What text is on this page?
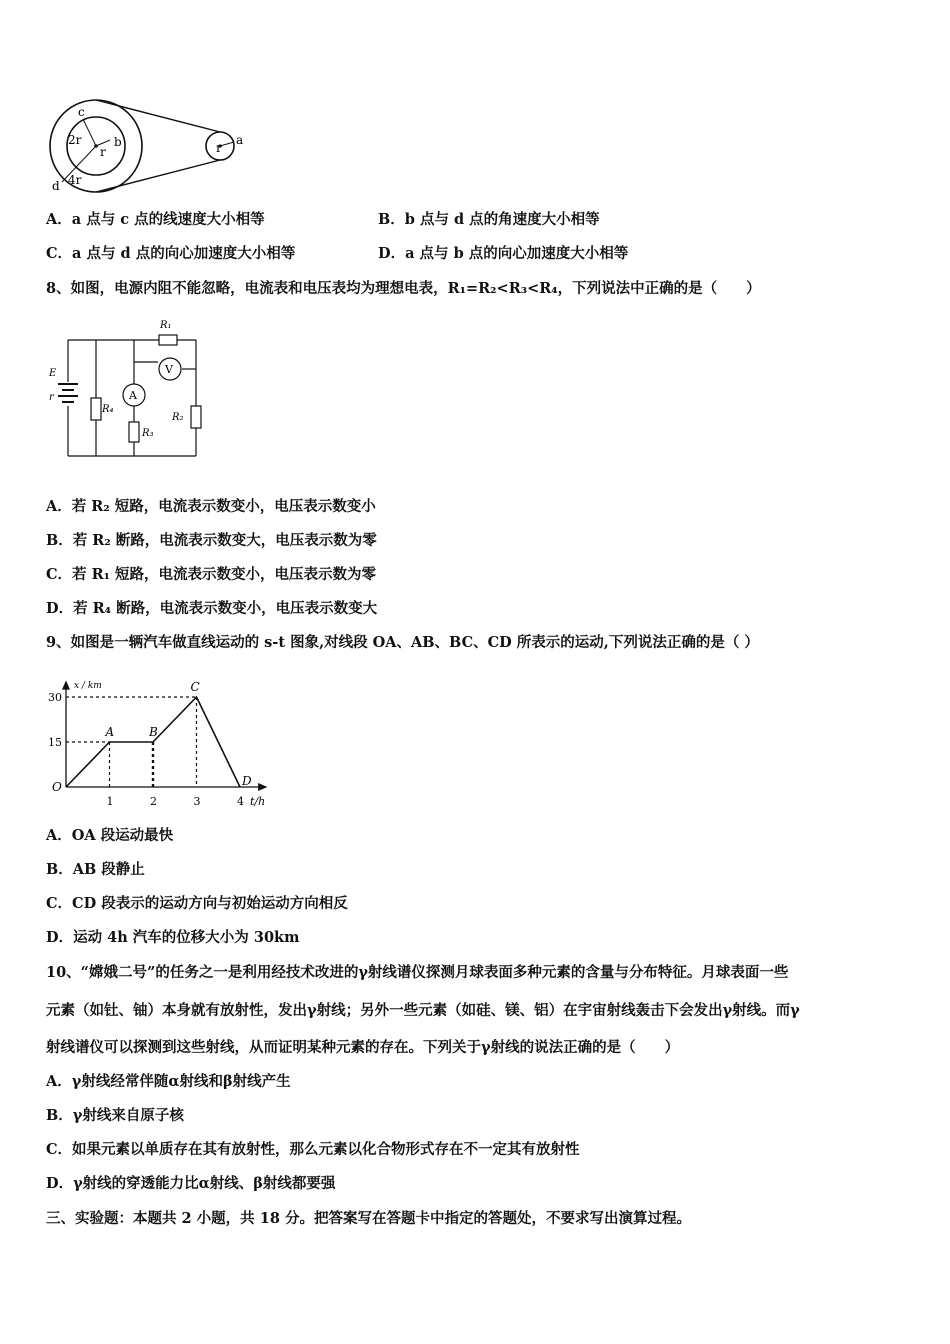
c
2r	b
r
4r
d
r
a
A．a 点与 c 点的线速度大小相等	B．b 点与 d 点的角速度大小相等
C．a 点与 d 点的向心加速度大小相等	D．a 点与 b 点的向心加速度大小相等
8、如图，电源内阻不能忽略，电流表和电压表均为理想电表，R₁=R₂<R₃<R₄，下列说法中正确的是（　　）
E
r
R₁
R₂
R₃
R₄
A
V
A．若 R₂ 短路，电流表示数变小，电压表示数变小
B．若 R₂ 断路，电流表示数变大，电压表示数为零
C．若 R₁ 短路，电流表示数变小，电压表示数为零
D．若 R₄ 断路，电流表示数变小，电压表示数变大
9、如图是一辆汽车做直线运动的 s-t 图象,对线段 OA、AB、BC、CD 所表示的运动,下列说法正确的是（ ）
x / km
t/h
15
30
1	2	3	4
O
A	B
C
D
A．OA 段运动最快
B．AB 段静止
C．CD 段表示的运动方向与初始运动方向相反
D．运动 4h 汽车的位移大小为 30km
10、“嫦娥二号”的任务之一是利用经技术改进的γ射线谱仪探测月球表面多种元素的含量与分布特征。月球表面一些
元素（如钍、铀）本身就有放射性，发出γ射线；另外一些元素（如硅、镁、铝）在宇宙射线轰击下会发出γ射线。而γ
射线谱仪可以探测到这些射线，从而证明某种元素的存在。下列关于γ射线的说法正确的是（　　）
A．γ射线经常伴随α射线和β射线产生
B．γ射线来自原子核
C．如果元素以单质存在其有放射性，那么元素以化合物形式存在不一定其有放射性
D．γ射线的穿透能力比α射线、β射线都要强
三、实验题：本题共 2 小题，共 18 分。把答案写在答题卡中指定的答题处，不要求写出演算过程。
